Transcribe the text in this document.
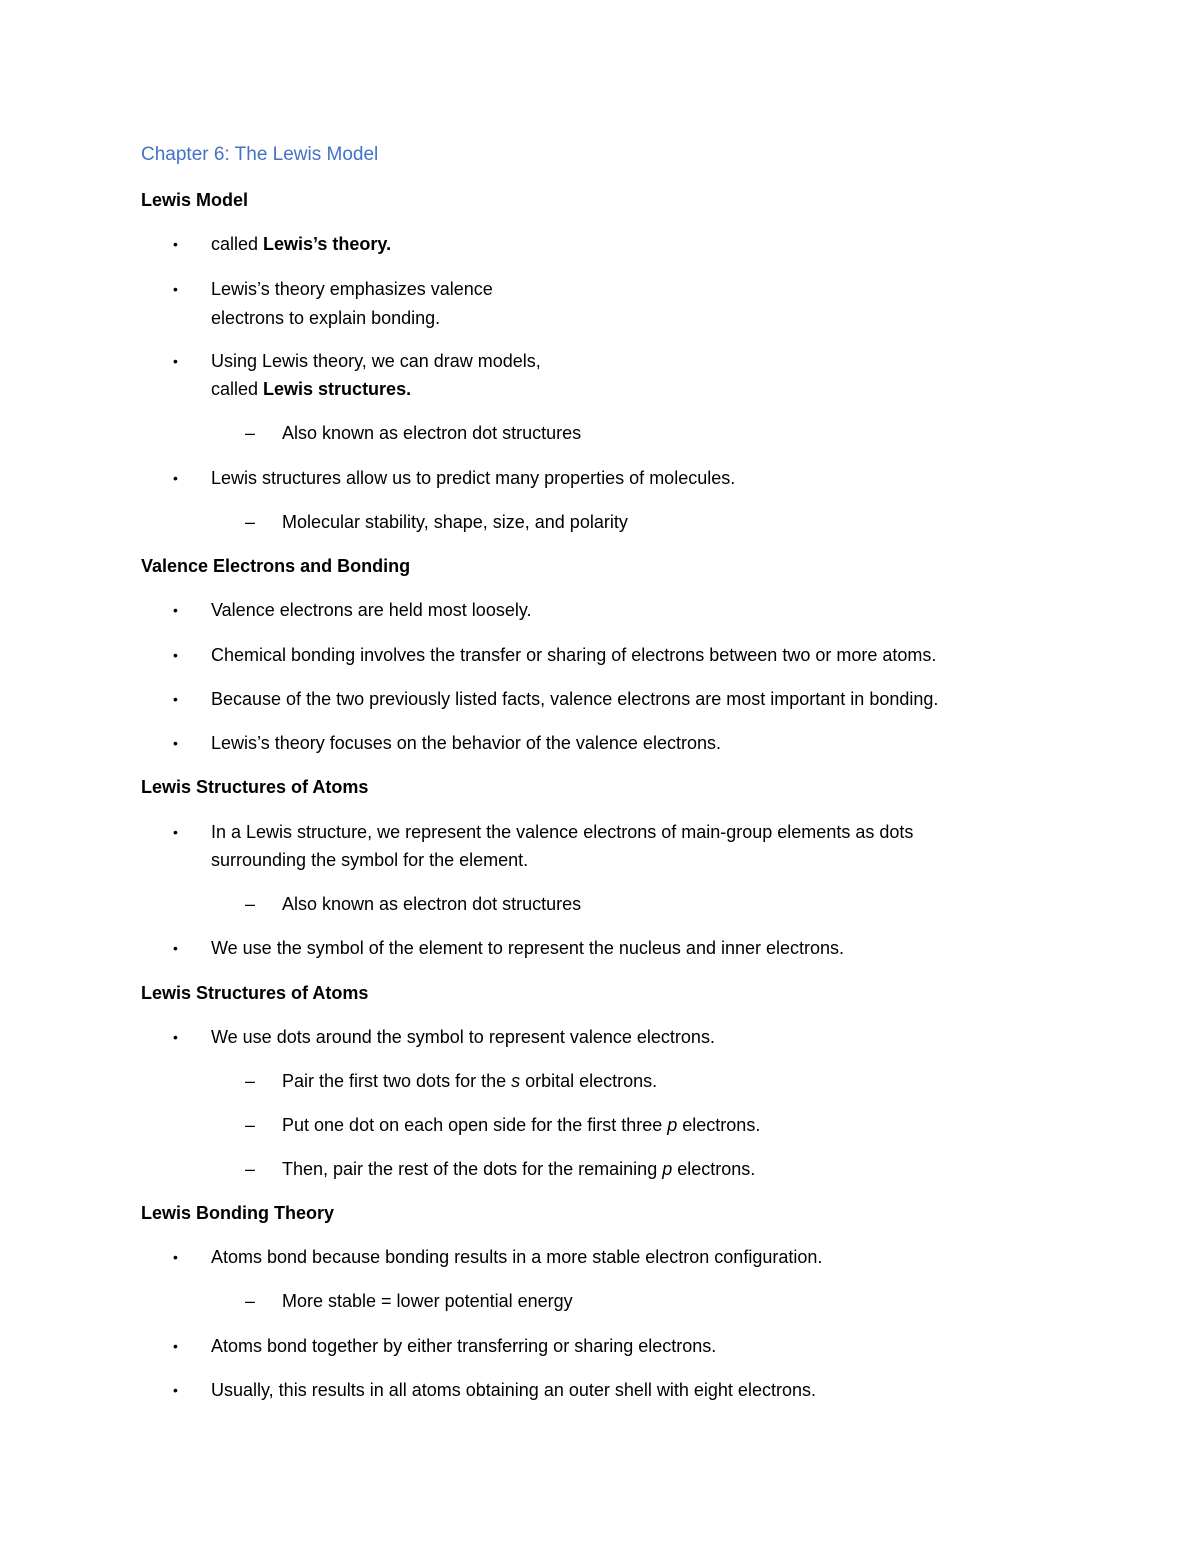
Chapter 6: The Lewis Model
Lewis Model
• called Lewis’s theory.
• Lewis’s theory emphasizes valence
electrons to explain bonding.
• Using Lewis theory, we can draw models,
called Lewis structures.
– Also known as electron dot structures
• Lewis structures allow us to predict many properties of molecules.
– Molecular stability, shape, size, and polarity
Valence Electrons and Bonding
• Valence electrons are held most loosely.
• Chemical bonding involves the transfer or sharing of electrons between two or more atoms.
• Because of the two previously listed facts, valence electrons are most important in bonding.
• Lewis’s theory focuses on the behavior of the valence electrons.
Lewis Structures of Atoms
• In a Lewis structure, we represent the valence electrons of main-group elements as dots
surrounding the symbol for the element.
– Also known as electron dot structures
• We use the symbol of the element to represent the nucleus and inner electrons.
Lewis Structures of Atoms
• We use dots around the symbol to represent valence electrons.
– Pair the first two dots for the s orbital electrons.
– Put one dot on each open side for the first three p electrons.
– Then, pair the rest of the dots for the remaining p electrons.
Lewis Bonding Theory
• Atoms bond because bonding results in a more stable electron configuration.
– More stable = lower potential energy
• Atoms bond together by either transferring or sharing electrons.
• Usually, this results in all atoms obtaining an outer shell with eight electrons.
